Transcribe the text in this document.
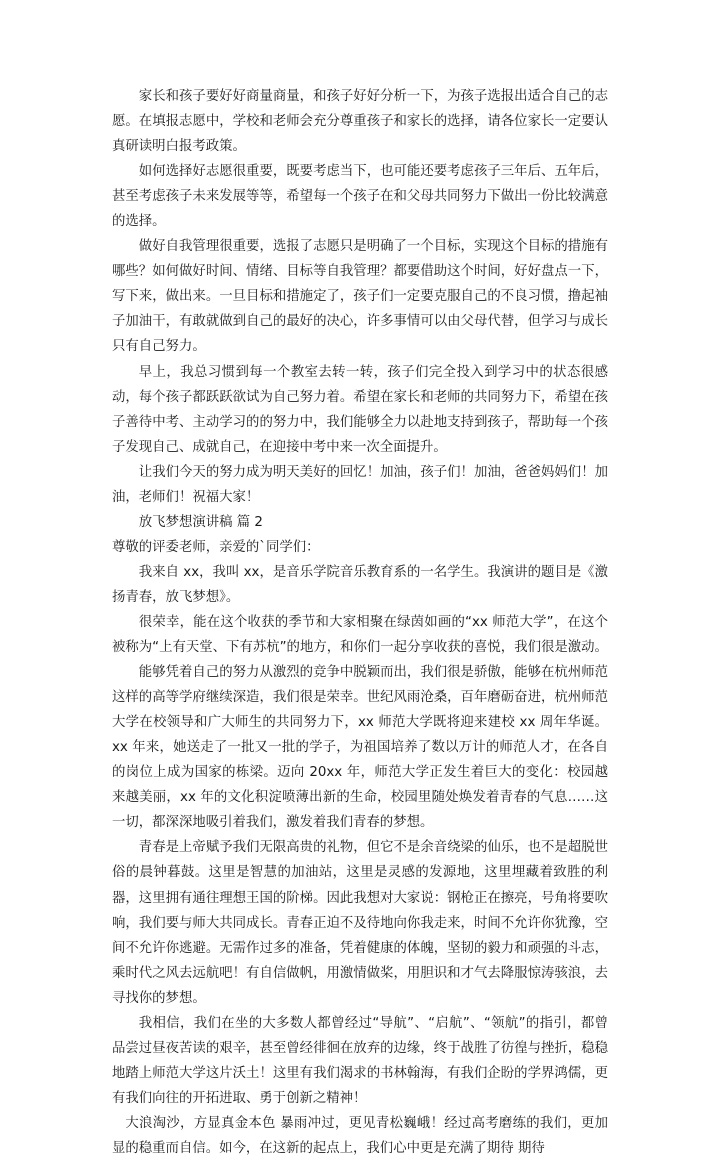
家长和孩子要好好商量商量，和孩子好好分析一下，为孩子选报出适合自己的志愿。在填报志愿中，学校和老师会充分尊重孩子和家长的选择，请各位家长一定要认真研读明白报考政策。

如何选择好志愿很重要，既要考虑当下，也可能还要考虑孩子三年后、五年后，甚至考虑孩子未来发展等等，希望每一个孩子在和父母共同努力下做出一份比较满意的选择。

做好自我管理很重要，选报了志愿只是明确了一个目标，实现这个目标的措施有哪些？如何做好时间、情绪、目标等自我管理？都要借助这个时间，好好盘点一下，写下来，做出来。一旦目标和措施定了，孩子们一定要克服自己的不良习惯，撸起袖子加油干，有敢就做到自己的最好的决心，许多事情可以由父母代替，但学习与成长只有自己努力。

早上，我总习惯到每一个教室去转一转，孩子们完全投入到学习中的状态很感动，每个孩子都跃跃欲试为自己努力着。希望在家长和老师的共同努力下，希望在孩子善待中考、主动学习的的努力中，我们能够全力以赴地支持到孩子，帮助每一个孩子发现自己、成就自己，在迎接中考中来一次全面提升。

让我们今天的努力成为明天美好的回忆！加油，孩子们！加油，爸爸妈妈们！加油，老师们！祝福大家！

放飞梦想演讲稿 篇 2

尊敬的评委老师，亲爱的`同学们：

我来自 xx，我叫 xx，是音乐学院音乐教育系的一名学生。我演讲的题目是《激扬青春，放飞梦想》。

很荣幸，能在这个收获的季节和大家相聚在绿茵如画的“xx 师范大学”，在这个被称为“上有天堂、下有苏杭”的地方，和你们一起分享收获的喜悦，我们很是激动。

能够凭着自己的努力从激烈的竞争中脱颖而出，我们很是骄傲，能够在杭州师范这样的高等学府继续深造，我们很是荣幸。世纪风雨沧桑，百年磨砺奋进，杭州师范大学在校领导和广大师生的共同努力下，xx 师范大学既将迎来建校 xx 周年华诞。xx 年来，她送走了一批又一批的学子，为祖国培养了数以万计的师范人才，在各自的岗位上成为国家的栋梁。迈向 20xx 年，师范大学正发生着巨大的变化：校园越来越美丽，xx 年的文化积淀喷薄出新的生命，校园里随处焕发着青春的气息……这一切，都深深地吸引着我们，激发着我们青春的梦想。

青春是上帝赋予我们无限高贵的礼物，但它不是余音绕梁的仙乐，也不是超脱世俗的晨钟暮鼓。这里是智慧的加油站，这里是灵感的发源地，这里埋藏着致胜的利器，这里拥有通往理想王国的阶梯。因此我想对大家说：钢枪正在擦亮，号角将要吹响，我们要与师大共同成长。青春正迫不及待地向你我走来，时间不允许你犹豫，空间不允许你逃避。无需作过多的准备，凭着健康的体魄，坚韧的毅力和顽强的斗志，乘时代之风去远航吧！有自信做帆，用激情做桨，用胆识和才气去降服惊涛骇浪，去寻找你的梦想。

我相信，我们在坐的大多数人都曾经过“导航”、“启航”、“领航”的指引，都曾品尝过昼夜苦读的艰辛，甚至曾经徘徊在放弃的边缘，终于战胜了彷徨与挫折，稳稳地踏上师范大学这片沃土！这里有我们渴求的书林翰海，有我们企盼的学界鸿儒，更有我们向往的开拓进取、勇于创新之精神！

大浪淘沙，方显真金本色 暴雨冲过，更见青松巍峨！经过高考磨练的我们，更加显的稳重而自信。如今，在这新的起点上，我们心中更是充满了期待 期待
